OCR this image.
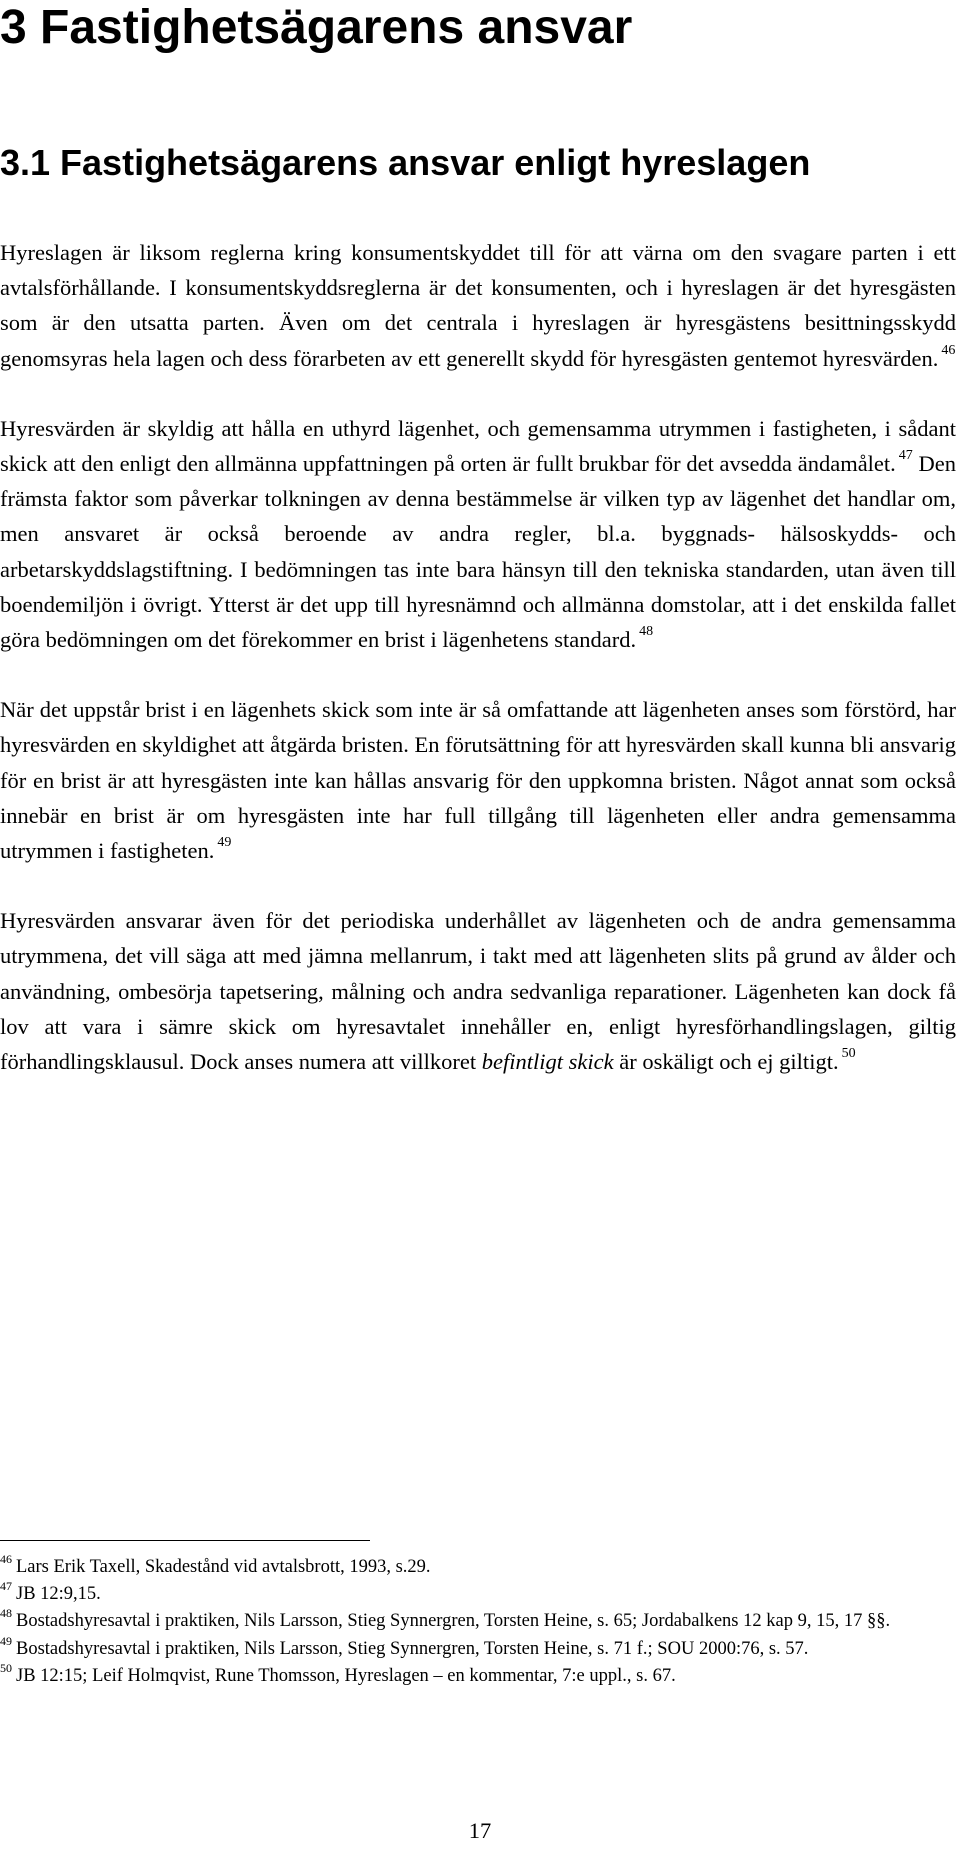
3 Fastighetsägarens ansvar
3.1 Fastighetsägarens ansvar enligt hyreslagen

Hyreslagen är liksom reglerna kring konsumentskyddet till för att värna om den svagare parten i ett avtalsförhållande. I konsumentskyddsreglerna är det konsumenten, och i hyreslagen är det hyresgästen som är den utsatta parten. Även om det centrala i hyreslagen är hyresgästens besittningsskydd genomsyras hela lagen och dess förarbeten av ett generellt skydd för hyresgästen gentemot hyresvärden. $^{46}$

Hyresvärden är skyldig att hålla en uthyrd lägenhet, och gemensamma utrymmen i fastigheten, i sådant skick att den enligt den allmänna uppfattningen på orten är fullt brukbar för det avsedda ändamålet. $^{47}$ Den främsta faktor som påverkar tolkningen av denna bestämmelse är vilken typ av lägenhet det handlar om, men ansvaret är också beroende av andra regler, bl.a. byggnads- hälsoskydds- och arbetarskyddslagstiftning. I bedömningen tas inte bara hänsyn till den tekniska standarden, utan även till boendemiljön i övrigt. Ytterst är det upp till hyresnämnd och allmänna domstolar, att i det enskilda fallet göra bedömningen om det förekommer en brist i lägenhetens standard. $^{48}$

När det uppstår brist i en lägenhets skick som inte är så omfattande att lägenheten anses som förstörd, har hyresvärden en skyldighet att åtgärda bristen. En förutsättning för att hyresvärden skall kunna bli ansvarig för en brist är att hyresgästen inte kan hållas ansvarig för den uppkomna bristen. Något annat som också innebär en brist är om hyresgästen inte har full tillgång till lägenheten eller andra gemensamma utrymmen i fastigheten. $^{49}$

Hyresvärden ansvarar även för det periodiska underhållet av lägenheten och de andra gemensamma utrymmena, det vill säga att med jämna mellanrum, i takt med att lägenheten slits på grund av ålder och användning, ombesörja tapetsering, målning och andra sedvanliga reparationer. Lägenheten kan dock få lov att vara i sämre skick om hyresavtalet innehåller en, enligt hyresförhandlingslagen, giltig förhandlingsklausul. Dock anses numera att villkoret befintligt skick är oskäligt och ej giltigt. $^{50}$

$^{46}$ Lars Erik Taxell, Skadestånd vid avtalsbrott, 1993, s.29.
$^{47}$ JB 12:9,15.
$^{48}$ Bostadshyresavtal i praktiken, Nils Larsson, Stieg Synnergren, Torsten Heine, s. 65; Jordabalkens 12 kap 9, 15, 17 §§.
$^{49}$ Bostadshyresavtal i praktiken, Nils Larsson, Stieg Synnergren, Torsten Heine, s. 71 f.; SOU 2000:76, s. 57.
$^{50}$ JB 12:15; Leif Holmqvist, Rune Thomsson, Hyreslagen – en kommentar, 7:e uppl., s. 67.
17
